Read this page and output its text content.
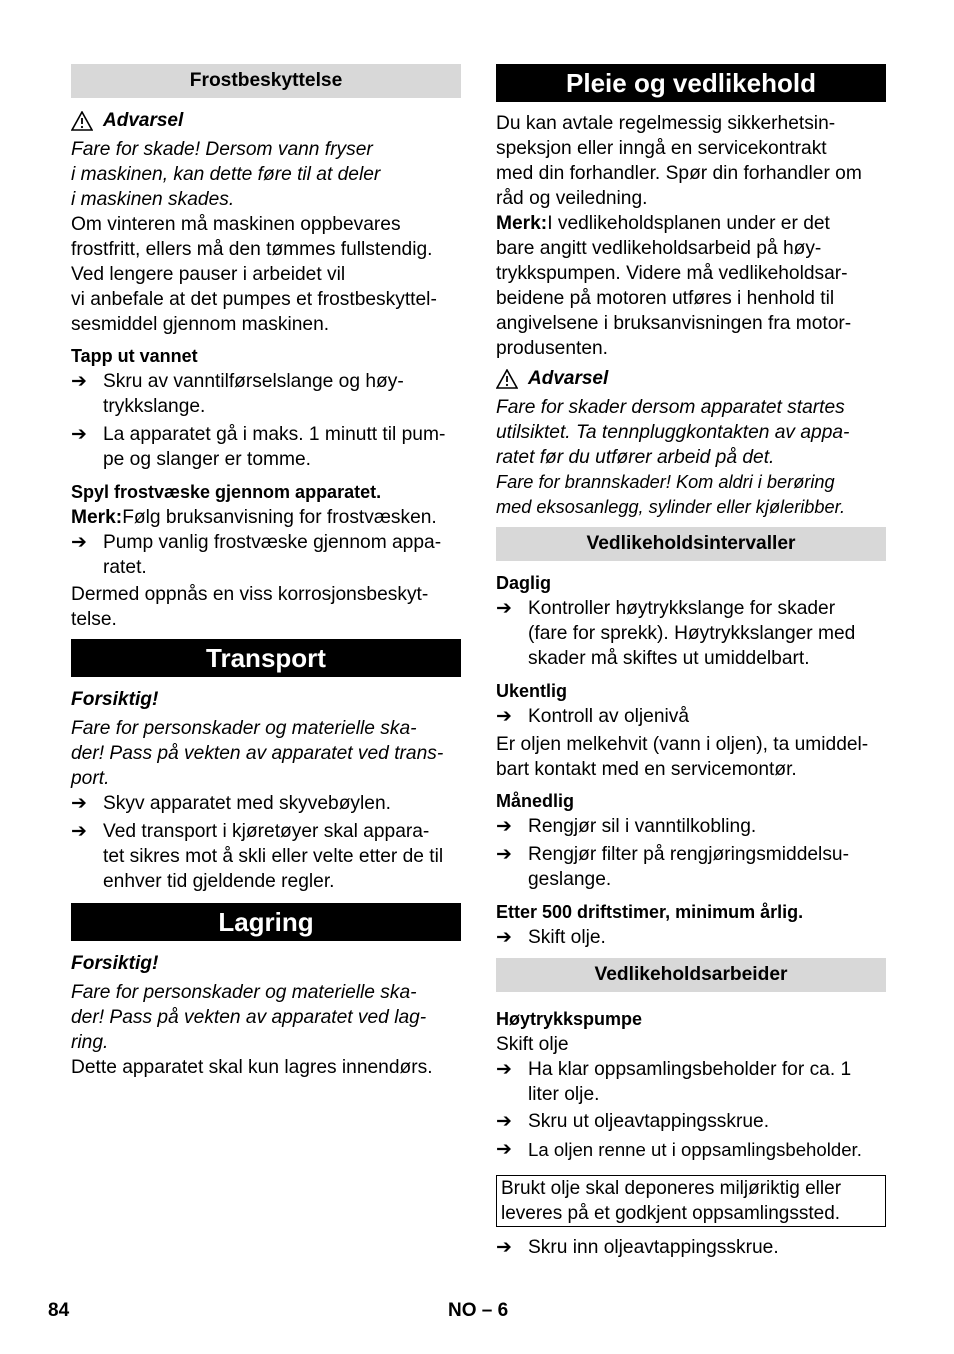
Frostbeskyttelse
Advarsel

Fare for skade! Dersom vann fryser
i maskinen, kan dette føre til at deler
i maskinen skades.

Om vinteren må maskinen oppbevares
frostfritt, ellers må den tømmes fullstendig.
Ved lengere pauser i arbeidet vil
vi anbefale at det pumpes et frostbeskyttel-
sesmiddel gjennom maskinen.

Tapp ut vannet

➔ Skru av vanntilførselslange og høy-
trykkslange.
➔ La apparatet gå i maks. 1 minutt til pum-
pe og slanger er tomme.

Spyl frostvæske gjennom apparatet.

Merk:Følg bruksanvisning for frostvæsken.

➔ Pump vanlig frostvæske gjennom appa-
ratet.

Dermed oppnås en viss korrosjonsbeskyt-
telse.

Transport

Forsiktig!

Fare for personskader og materielle ska-
der! Pass på vekten av apparatet ved trans-
port.

➔ Skyv apparatet med skyvebøylen.
➔ Ved transport i kjøretøyer skal appara-
tet sikres mot å skli eller velte etter de til
enhver tid gjeldende regler.
Lagring

Forsiktig!

Fare for personskader og materielle ska-
der! Pass på vekten av apparatet ved lag-
ring.

Dette apparatet skal kun lagres innendørs.

Pleie og vedlikehold

Du kan avtale regelmessig sikkerhetsin-
speksjon eller inngå en servicekontrakt
med din forhandler. Spør din forhandler om
råd og veiledning.

Merk:I vedlikeholdsplanen under er det
bare angitt vedlikeholdsarbeid på høy-
trykkspumpen. Videre må vedlikeholdsar-
beidene på motoren utføres i henhold til
angivelsene i bruksanvisningen fra motor-
produsenten.

Advarsel

Fare for skader dersom apparatet startes
utilsiktet. Ta tennpluggkontakten av appa-
ratet før du utfører arbeid på det.

Fare for brannskader! Kom aldri i berøring
med eksosanlegg, sylinder eller kjøleribber.

Vedlikeholdsintervaller

Daglig

➔ Kontroller høytrykkslange for skader
(fare for sprekk). Høytrykkslanger med
skader må skiftes ut umiddelbart.

Ukentlig

➔ Kontroll av oljenivå

Er oljen melkehvit (vann i oljen), ta umiddel-
bart kontakt med en servicemontør.

Månedlig

➔ Rengjør sil i vanntilkobling.
➔ Rengjør filter på rengjøringsmiddelsu-
geslange.

Etter 500 driftstimer, minimum årlig.

➔ Skift olje.
Vedlikeholdsarbeider

Høytrykkspumpe

Skift olje

➔ Ha klar oppsamlingsbeholder for ca. 1
liter olje.
➔ Skru ut oljeavtappingsskrue.
➔ La oljen renne ut i oppsamlingsbeholder.
Brukt olje skal deponeres miljøriktig eller
leveres på et godkjent oppsamlingssted.
➔ Skru inn oljeavtappingsskrue.
84	NO – 6
